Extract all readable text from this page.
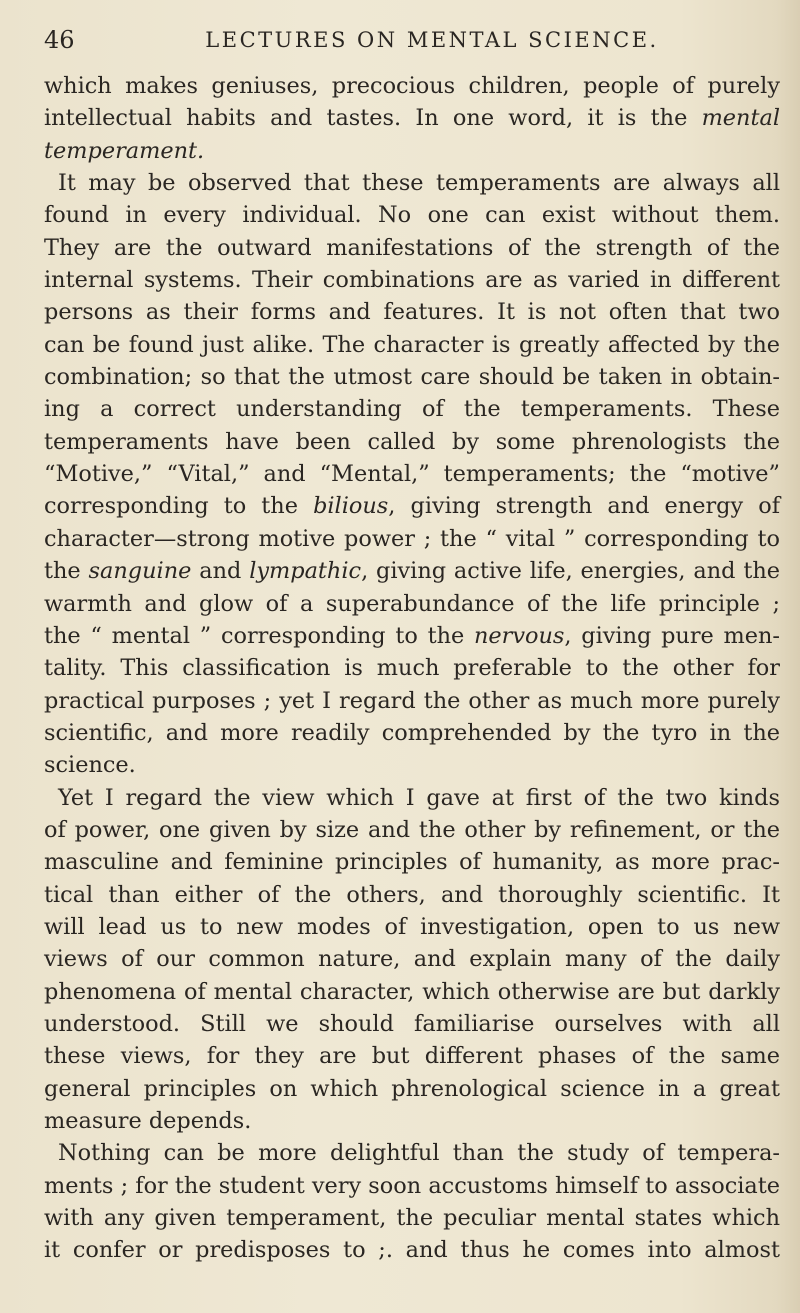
46	LECTURES ON MENTAL SCIENCE.
which makes geniuses, precocious children, people of purely
intellectual habits and tastes. In one word, it is the mental
temperament.
It may be observed that these temperaments are always all
found in every individual. No one can exist without them.
They are the outward manifestations of the strength of the
internal systems. Their combinations are as varied in different
persons as their forms and features. It is not often that two
can be found just alike. The character is greatly affected by the
combination; so that the utmost care should be taken in obtain-
ing a correct understanding of the temperaments. These
temperaments have been called by some phrenologists the
“Motive,” “Vital,” and “Mental,” temperaments; the “motive”
corresponding to the bilious, giving strength and energy of
character—strong motive power ; the “ vital ” corresponding to
the sanguine and lympathic, giving active life, energies, and the
warmth and glow of a superabundance of the life principle ;
the “ mental ” corresponding to the nervous, giving pure men-
tality. This classification is much preferable to the other for
practical purposes ; yet I regard the other as much more purely
scientific, and more readily comprehended by the tyro in the
science.
Yet I regard the view which I gave at first of the two kinds
of power, one given by size and the other by refinement, or the
masculine and feminine principles of humanity, as more prac-
tical than either of the others, and thoroughly scientific. It
will lead us to new modes of investigation, open to us new
views of our common nature, and explain many of the daily
phenomena of mental character, which otherwise are but darkly
understood. Still we should familiarise ourselves with all
these views, for they are but different phases of the same
general principles on which phrenological science in a great
measure depends.
Nothing can be more delightful than the study of tempera-
ments ; for the student very soon accustoms himself to associate
with any given temperament, the peculiar mental states which
it confer or predisposes to ;. and thus he comes into almost
